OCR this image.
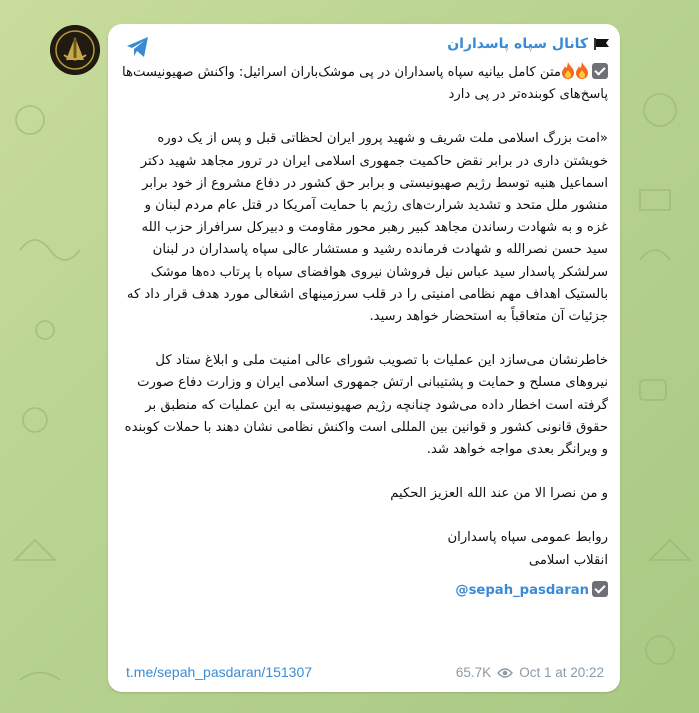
کانال سپاه پاسداران

متن کامل بیانیه سپاه پاسداران در پی موشک‌باران اسرائیل: واکنش صهیونیست‌ها پاسخ‌های کوبنده‌تر در پی دارد

«امت بزرگ اسلامی ملت شریف و شهید پرور ایران لحظاتی قبل و پس از یک دوره خویشتن داری در برابر نقض حاکمیت جمهوری اسلامی ایران در ترور مجاهد شهید دکتر اسماعیل هنیه توسط رژیم صهیونیستی و برابر حق کشور در دفاع مشروع از خود برابر منشور ملل متحد و تشدید شرارت‌های رژیم با حمایت آمریکا در قتل عام مردم لبنان و غزه و به شهادت رساندن مجاهد کبیر رهبر محور مقاومت و دبیرکل سرافراز حزب الله سید حسن نصرالله و شهادت فرمانده رشید و مستشار عالی سپاه پاسداران در لبنان سرلشکر پاسدار سید عباس نیل فروشان نیروی هوافضای سپاه با پرتاب ده‌ها موشک بالستیک اهداف مهم نظامی امنیتی را در قلب سرزمینهای اشغالی مورد هدف قرار داد که جزئیات آن متعاقباً به استحضار خواهد رسید.

خاطرنشان می‌سازد این عملیات با تصویب شورای عالی امنیت ملی و ابلاغ ستاد کل نیروهای مسلح و حمایت و پشتیبانی ارتش جمهوری اسلامی ایران و وزارت دفاع صورت گرفته است اخطار داده می‌شود چنانچه رژیم صهیونیستی به این عملیات که منطبق بر حقوق قانونی کشور و قوانین بین المللی است واکنش نظامی نشان دهند با حملات کوبنده و ویرانگر بعدی مواجه خواهد شد.

و من نصرا الا من عند الله العزیز الحکیم

روابط عمومی سپاه پاسداران

انقلاب اسلامی

sepah_pasdaran@

t.me/sepah_pasdaran/151307	65.7K Oct 1 at 20:22
